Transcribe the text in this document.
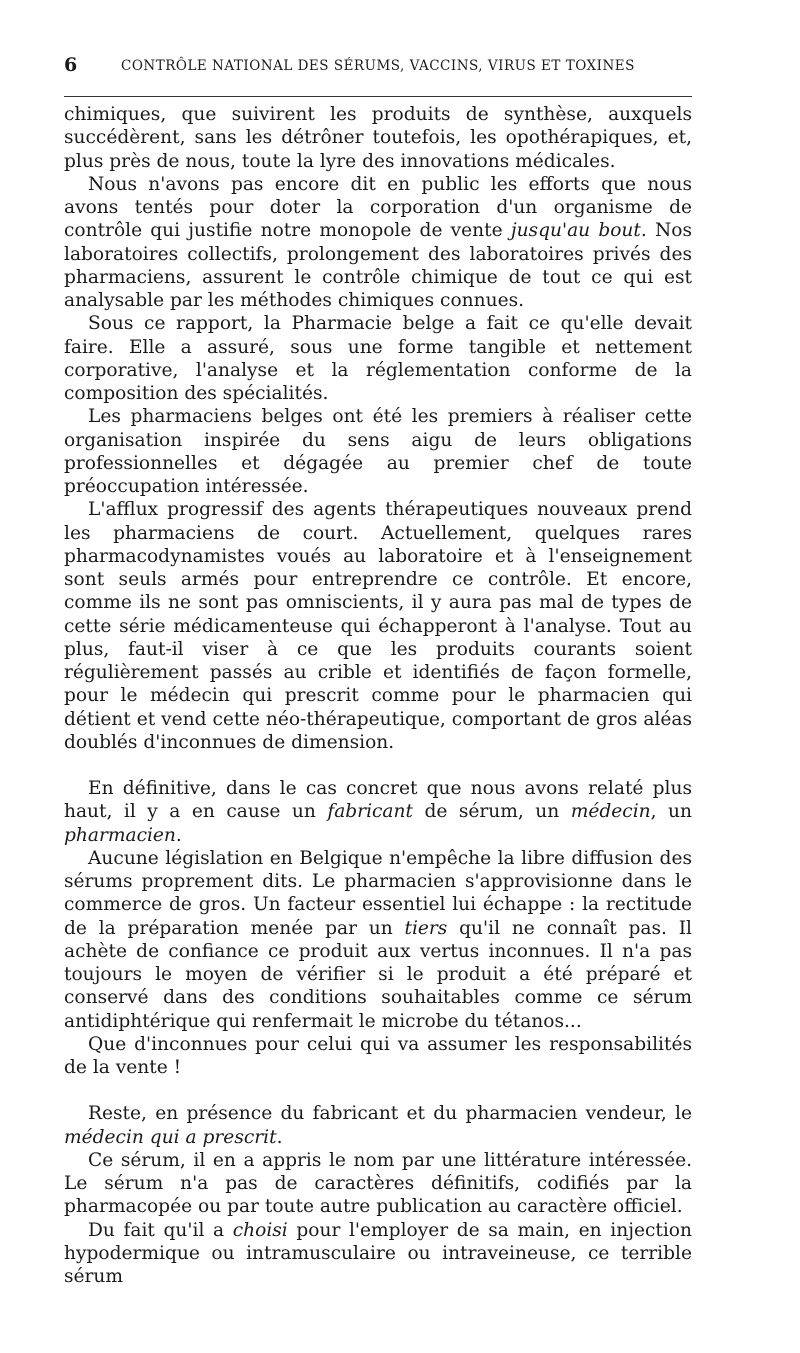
6	CONTRÔLE NATIONAL DES SÉRUMS, VACCINS, VIRUS ET TOXINES

chimiques, que suivirent les produits de synthèse, auxquels succédèrent, sans les détrôner toutefois, les opothérapiques, et, plus près de nous, toute la lyre des innovations médicales.

Nous n'avons pas encore dit en public les efforts que nous avons tentés pour doter la corporation d'un organisme de contrôle qui justifie notre monopole de vente jusqu'au bout. Nos laboratoires collectifs, prolongement des laboratoires privés des pharmaciens, assurent le contrôle chimique de tout ce qui est analysable par les méthodes chimiques connues.

Sous ce rapport, la Pharmacie belge a fait ce qu'elle devait faire. Elle a assuré, sous une forme tangible et nettement corporative, l'analyse et la réglementation conforme de la composition des spécialités.

Les pharmaciens belges ont été les premiers à réaliser cette organisation inspirée du sens aigu de leurs obligations professionnelles et dégagée au premier chef de toute préoccupation intéressée.

L'afflux progressif des agents thérapeutiques nouveaux prend les pharmaciens de court. Actuellement, quelques rares pharmacodynamistes voués au laboratoire et à l'enseignement sont seuls armés pour entreprendre ce contrôle. Et encore, comme ils ne sont pas omniscients, il y aura pas mal de types de cette série médicamenteuse qui échapperont à l'analyse. Tout au plus, faut-il viser à ce que les produits courants soient régulièrement passés au crible et identifiés de façon formelle, pour le médecin qui prescrit comme pour le pharmacien qui détient et vend cette néo-thérapeutique, comportant de gros aléas doublés d'inconnues de dimension.

En définitive, dans le cas concret que nous avons relaté plus haut, il y a en cause un fabricant de sérum, un médecin, un pharmacien.

Aucune législation en Belgique n'empêche la libre diffusion des sérums proprement dits. Le pharmacien s'approvisionne dans le commerce de gros. Un facteur essentiel lui échappe : la rectitude de la préparation menée par un tiers qu'il ne connaît pas. Il achète de confiance ce produit aux vertus inconnues. Il n'a pas toujours le moyen de vérifier si le produit a été préparé et conservé dans des conditions souhaitables comme ce sérum antidiphtérique qui renfermait le microbe du tétanos...

Que d'inconnues pour celui qui va assumer les responsabilités de la vente !

Reste, en présence du fabricant et du pharmacien vendeur, le médecin qui a prescrit.

Ce sérum, il en a appris le nom par une littérature intéressée. Le sérum n'a pas de caractères définitifs, codifiés par la pharmacopée ou par toute autre publication au caractère officiel.

Du fait qu'il a choisi pour l'employer de sa main, en injection hypodermique ou intramusculaire ou intraveineuse, ce terrible sérum
